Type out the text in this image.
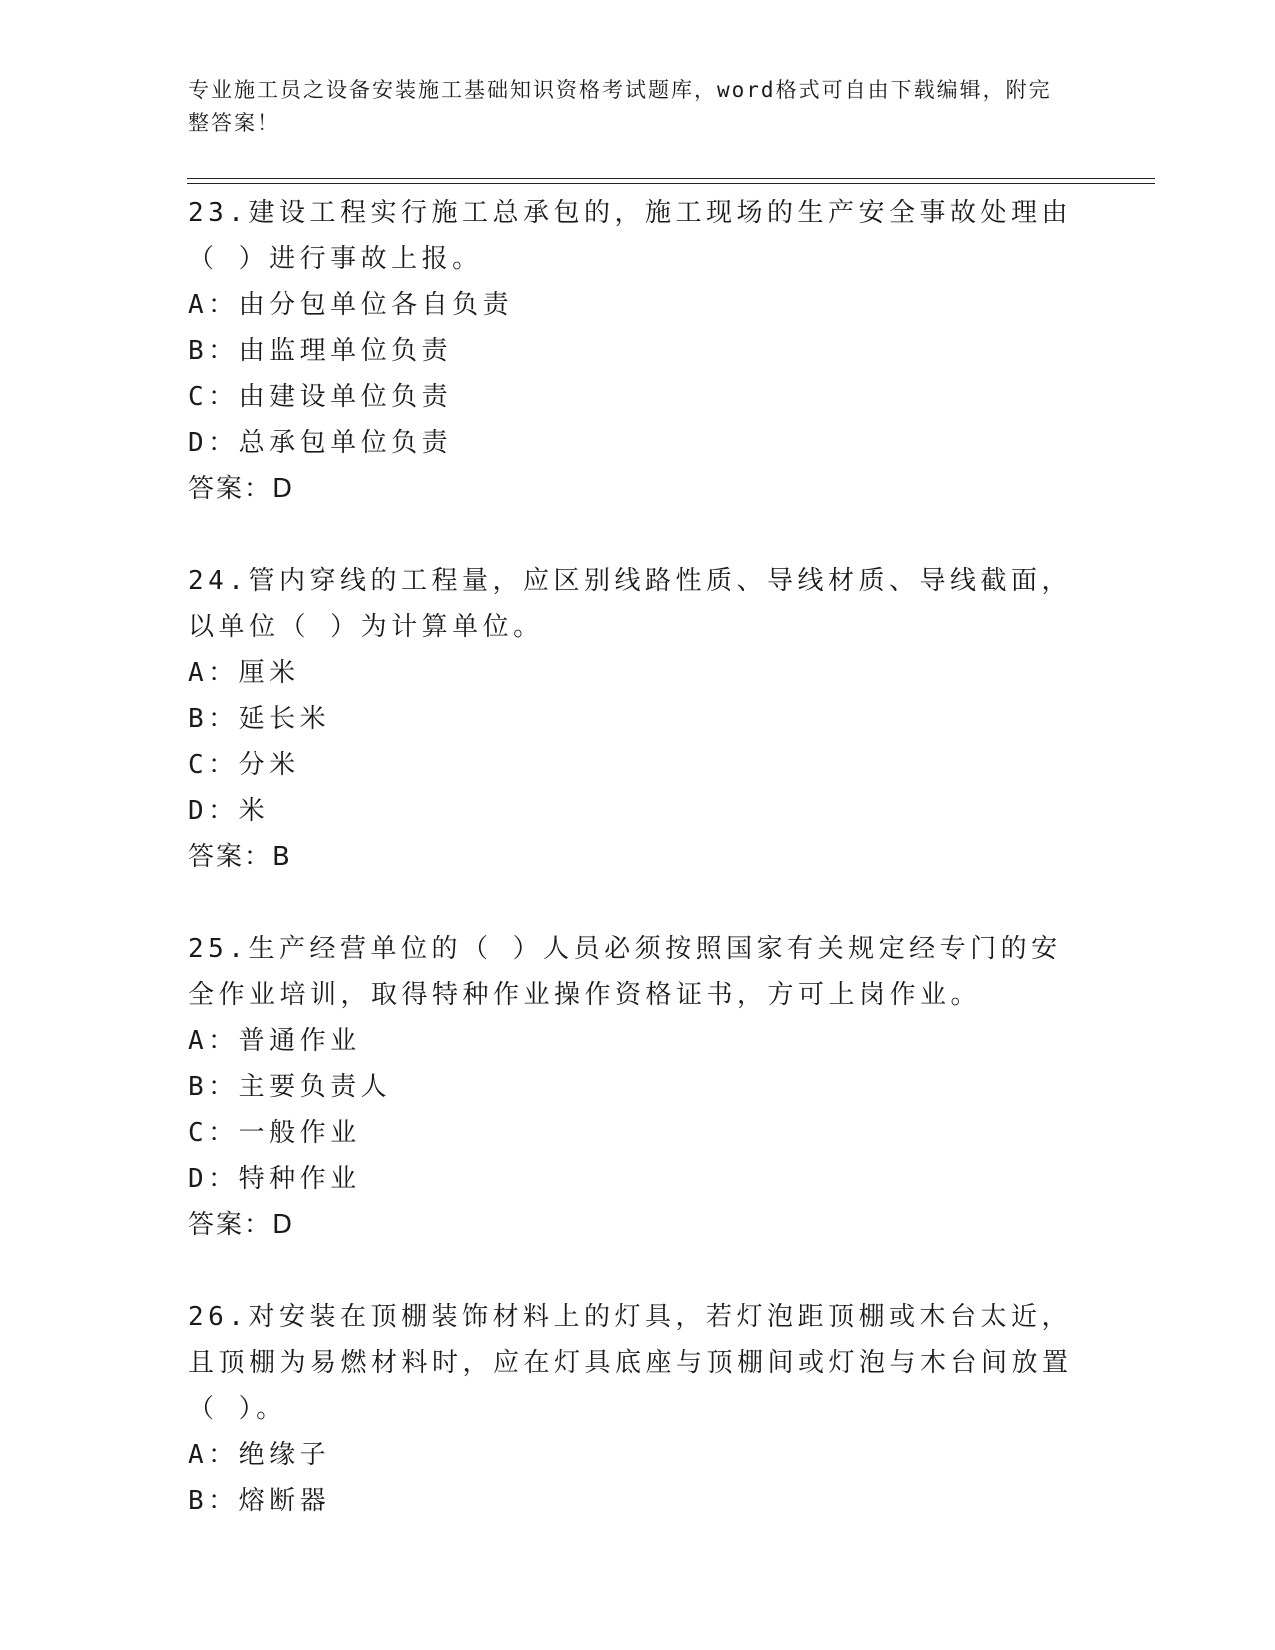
专业施工员之设备安装施工基础知识资格考试题库，word格式可自由下载编辑，附完整答案！
23.建设工程实行施工总承包的，施工现场的生产安全事故处理由（ ）进行事故上报。
A：由分包单位各自负责
B：由监理单位负责
C：由建设单位负责
D：总承包单位负责
答案：D
24.管内穿线的工程量，应区别线路性质、导线材质、导线截面，以单位（ ）为计算单位。
A：厘米
B：延长米
C：分米
D：米
答案：B
25.生产经营单位的（ ）人员必须按照国家有关规定经专门的安全作业培训，取得特种作业操作资格证书，方可上岗作业。
A：普通作业
B：主要负责人
C：一般作业
D：特种作业
答案：D
26.对安装在顶棚装饰材料上的灯具，若灯泡距顶棚或木台太近，且顶棚为易燃材料时，应在灯具底座与顶棚间或灯泡与木台间放置（ ）。
A：绝缘子
B：熔断器
